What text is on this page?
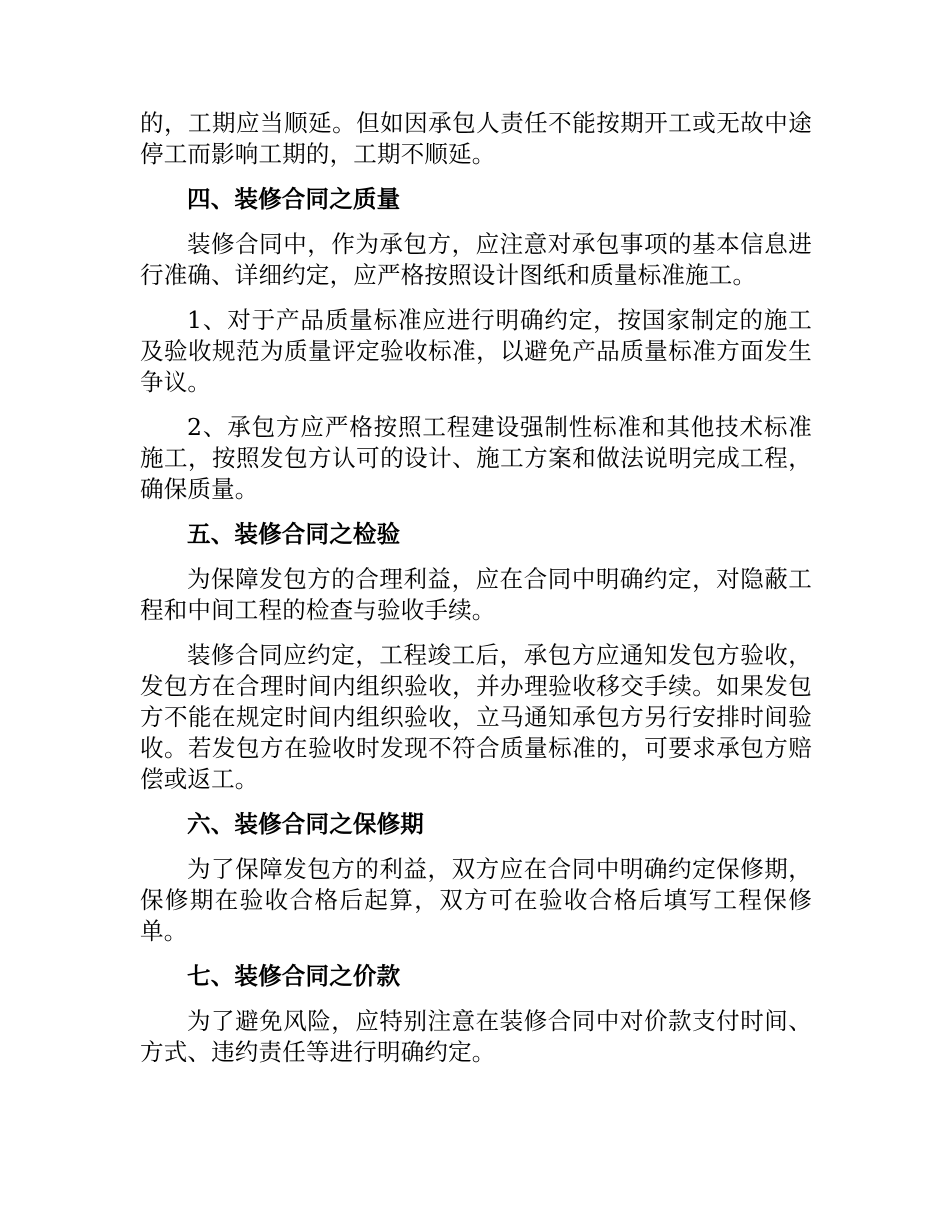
的，工期应当顺延。但如因承包人责任不能按期开工或无故中途停工而影响工期的，工期不顺延。

四、装修合同之质量

装修合同中，作为承包方，应注意对承包事项的基本信息进行准确、详细约定，应严格按照设计图纸和质量标准施工。

1、对于产品质量标准应进行明确约定，按国家制定的施工及验收规范为质量评定验收标准，以避免产品质量标准方面发生争议。

2、承包方应严格按照工程建设强制性标准和其他技术标准施工，按照发包方认可的设计、施工方案和做法说明完成工程，确保质量。

五、装修合同之检验

为保障发包方的合理利益，应在合同中明确约定，对隐蔽工程和中间工程的检查与验收手续。

装修合同应约定，工程竣工后，承包方应通知发包方验收，发包方在合理时间内组织验收，并办理验收移交手续。如果发包方不能在规定时间内组织验收，立马通知承包方另行安排时间验收。若发包方在验收时发现不符合质量标准的，可要求承包方赔偿或返工。

六、装修合同之保修期

为了保障发包方的利益，双方应在合同中明确约定保修期，保修期在验收合格后起算，双方可在验收合格后填写工程保修单。

七、装修合同之价款

为了避免风险，应特别注意在装修合同中对价款支付时间、方式、违约责任等进行明确约定。
